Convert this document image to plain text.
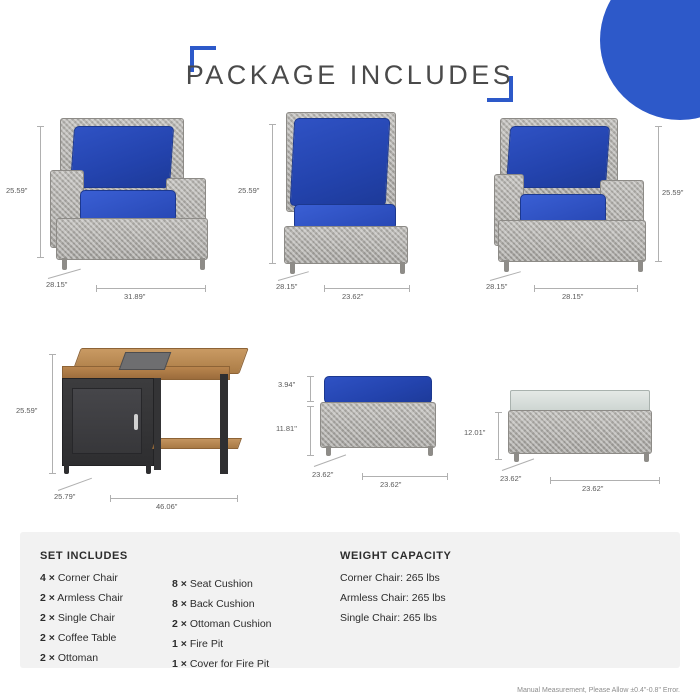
PACKAGE INCLUDES
25.59"
28.15"
31.89"
25.59"
28.15"
23.62"
25.59"
28.15"
28.15"
25.59"
25.79"
46.06"
3.94"
11.81"
23.62"
23.62"
12.01"
23.62"
23.62"
SET INCLUDES
4 × Corner Chair
2 × Armless Chair
2 × Single Chair
2 × Coffee Table
2 × Ottoman
8 × Seat Cushion
8 × Back Cushion
2 × Ottoman Cushion
1 × Fire Pit
1 × Cover for Fire Pit
WEIGHT CAPACITY
Corner Chair: 265 lbs
Armless Chair: 265 lbs
Single Chair: 265 lbs
Manual Measurement, Please Allow ±0.4"-0.8" Error.
